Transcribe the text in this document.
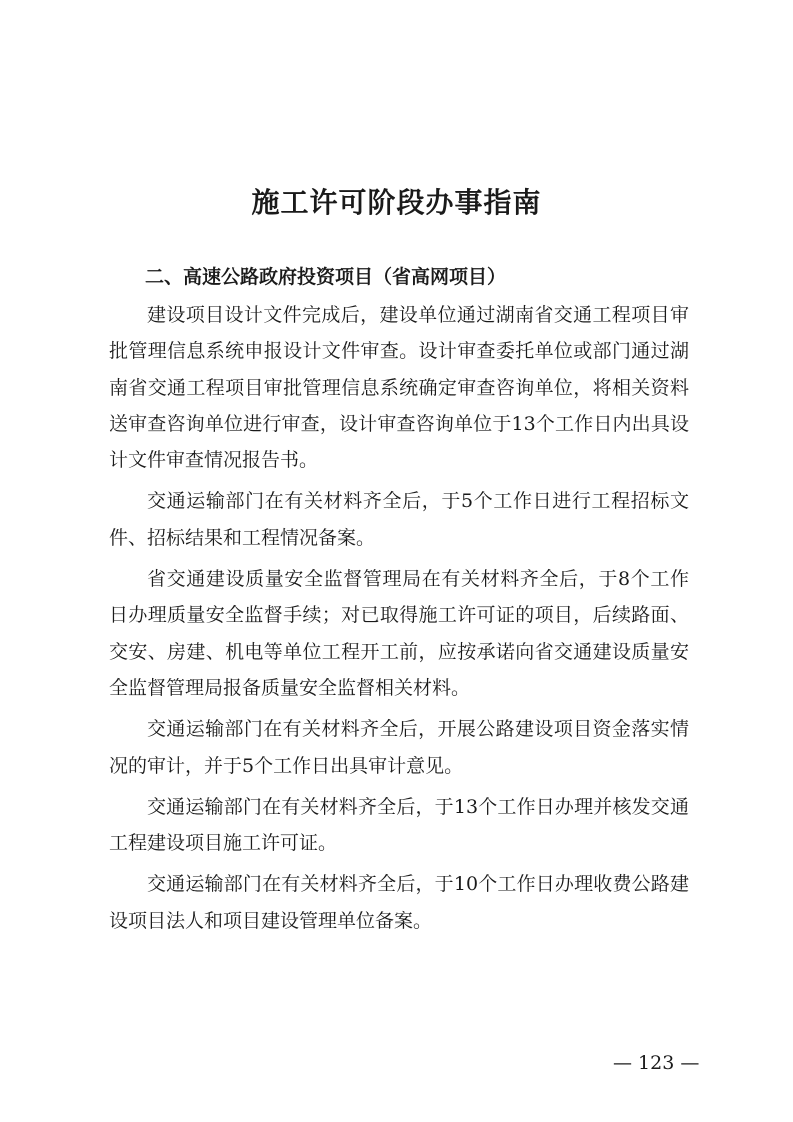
施工许可阶段办事指南
二、高速公路政府投资项目（省高网项目）

建设项目设计文件完成后，建设单位通过湖南省交通工程项目审批管理信息系统申报设计文件审查。设计审查委托单位或部门通过湖南省交通工程项目审批管理信息系统确定审查咨询单位，将相关资料送审查咨询单位进行审查，设计审查咨询单位于13个工作日内出具设计文件审查情况报告书。

交通运输部门在有关材料齐全后，于5个工作日进行工程招标文件、招标结果和工程情况备案。

省交通建设质量安全监督管理局在有关材料齐全后，于8个工作日办理质量安全监督手续；对已取得施工许可证的项目，后续路面、交安、房建、机电等单位工程开工前，应按承诺向省交通建设质量安全监督管理局报备质量安全监督相关材料。

交通运输部门在有关材料齐全后，开展公路建设项目资金落实情况的审计，并于5个工作日出具审计意见。

交通运输部门在有关材料齐全后，于13个工作日办理并核发交通工程建设项目施工许可证。

交通运输部门在有关材料齐全后，于10个工作日办理收费公路建设项目法人和项目建设管理单位备案。

— 123 —
